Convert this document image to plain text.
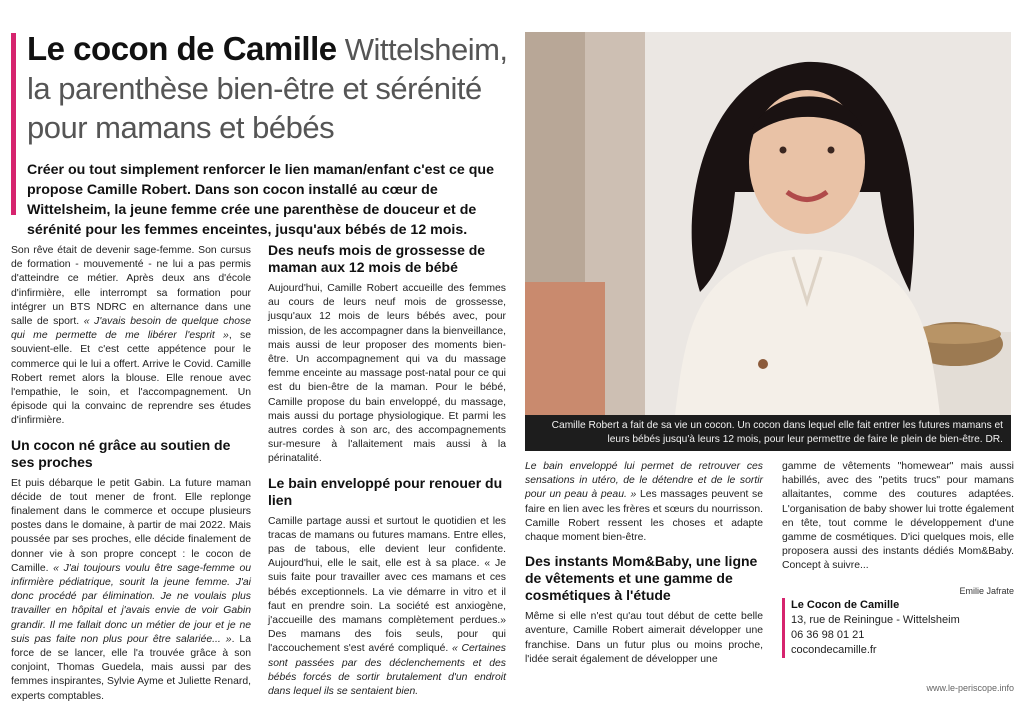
Le cocon de Camille Wittelsheim, la parenthèse bien-être et sérénité pour mamans et bébés

Créer ou tout simplement renforcer le lien maman/enfant c'est ce que propose Camille Robert. Dans son cocon installé au cœur de Wittelsheim, la jeune femme crée une parenthèse de douceur et de sérénité pour les femmes enceintes, jusqu'aux bébés de 12 mois.

Son rêve était de devenir sage-femme. Son cursus de formation - mouvementé - ne lui a pas permis d'atteindre ce métier. Après deux ans d'école d'infirmière, elle interrompt sa formation pour intégrer un BTS NDRC en alternance dans une salle de sport. « J'avais besoin de quelque chose qui me permette de me libérer l'esprit », se souvient-elle. Et c'est cette appétence pour le commerce qui le lui a offert. Arrive le Covid. Camille Robert remet alors la blouse. Elle renoue avec l'empathie, le soin, et l'accompagnement. Un épisode qui la convainc de reprendre ses études d'infirmière.

Un cocon né grâce au soutien de ses proches

Et puis débarque le petit Gabin. La future maman décide de tout mener de front. Elle replonge finalement dans le commerce et occupe plusieurs postes dans le domaine, à partir de mai 2022. Mais poussée par ses proches, elle décide finalement de donner vie à son propre concept : le cocon de Camille. « J'ai toujours voulu être sage-femme ou infirmière pédiatrique, sourit la jeune femme. J'ai donc procédé par élimination. Je ne voulais plus travailler en hôpital et j'avais envie de voir Gabin grandir. Il me fallait donc un métier de jour et je ne suis pas faite non plus pour être salariée... ». La force de se lancer, elle l'a trouvée grâce à son conjoint, Thomas Guedela, mais aussi par des femmes inspirantes, Sylvie Ayme et Juliette Renard, experts comptables.

Des neufs mois de grossesse de maman aux 12 mois de bébé

Aujourd'hui, Camille Robert accueille des femmes au cours de leurs neuf mois de grossesse, jusqu'aux 12 mois de leurs bébés avec, pour mission, de les accompagner dans la bienveillance, mais aussi de leur proposer des moments bien-être. Un accompagnement qui va du massage femme enceinte au massage post-natal pour ce qui est du bien-être de la maman. Pour le bébé, Camille propose du bain enveloppé, du massage, mais aussi du portage physiologique. Et parmi les autres cordes à son arc, des accompagnements sur-mesure à l'allaitement mais aussi à la périnatalité.

Le bain enveloppé pour renouer du lien

Camille partage aussi et surtout le quotidien et les tracas de mamans ou futures mamans. Entre elles, pas de tabous, elle devient leur confidente. Aujourd'hui, elle le sait, elle est à sa place. « Je suis faite pour travailler avec ces mamans et ces bébés exceptionnels. La vie démarre in vitro et il faut en prendre soin. La société est anxiogène, j'accueille des mamans complètement perdues.» Des mamans des fois seuls, pour qui l'accouchement s'est avéré compliqué. « Certaines sont passées par des déclenchements et des bébés forcés de sortir brutalement d'un endroit dans lequel ils se sentaient bien.

Camille Robert a fait de sa vie un cocon. Un cocon dans lequel elle fait entrer les futures mamans et leurs bébés jusqu'à leurs 12 mois, pour leur permettre de faire le plein de bien-être. DR.

Le bain enveloppé lui permet de retrouver ces sensations in utéro, de le détendre et de le sortir pour un peau à peau. » Les massages peuvent se faire en lien avec les frères et sœurs du nourrisson. Camille Robert ressent les choses et adapte chaque moment bien-être.

Des instants Mom&Baby, une ligne de vêtements et une gamme de cosmétiques à l'étude

Même si elle n'est qu'au tout début de cette belle aventure, Camille Robert aimerait développer une franchise. Dans un futur plus ou moins proche, l'idée serait également de développer une

gamme de vêtements "homewear" mais aussi habillés, avec des "petits trucs" pour mamans allaitantes, comme des coutures adaptées. L'organisation de baby shower lui trotte également en tête, tout comme le développement d'une gamme de cosmétiques. D'ici quelques mois, elle proposera aussi des instants dédiés Mom&Baby. Concept à suivre...

Emilie Jafrate
Le Cocon de Camille
13, rue de Reiningue - Wittelsheim
06 36 98 01 21
cocondecamille.fr
www.le-periscope.info
